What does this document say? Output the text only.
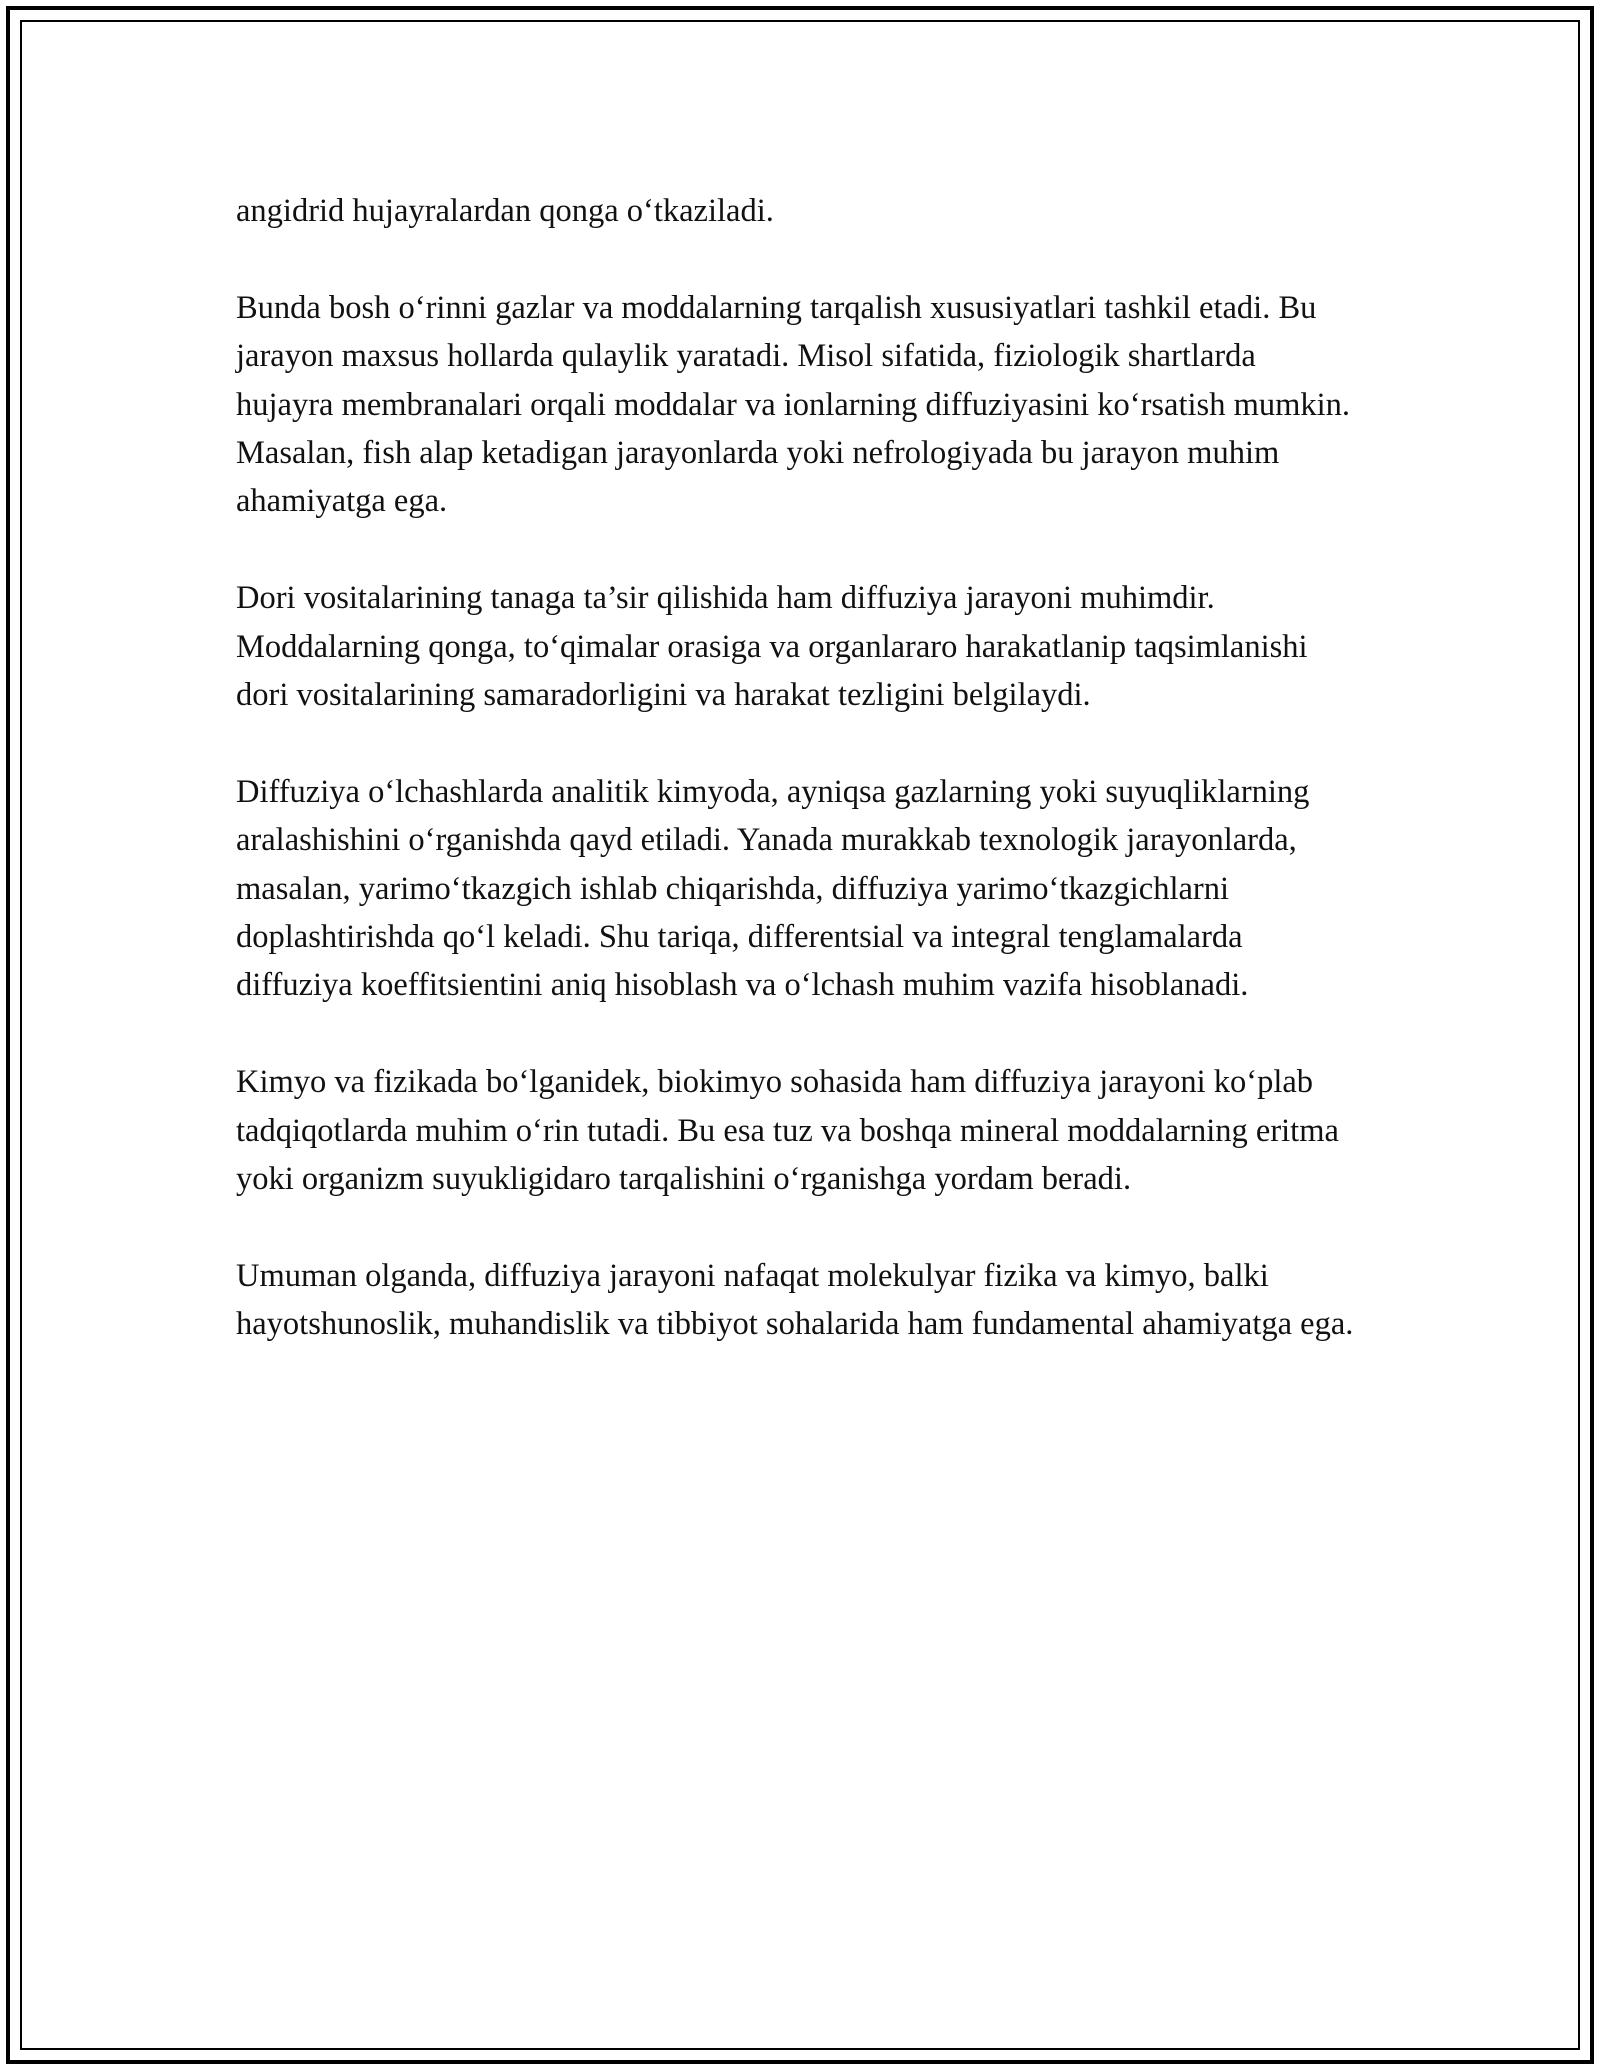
angidrid hujayralardan qonga o‘tkaziladi.

Bunda bosh o‘rinni gazlar va moddalarning tarqalish xususiyatlari tashkil etadi. Bu jarayon maxsus hollarda qulaylik yaratadi. Misol sifatida, fiziologik shartlarda hujayra membranalari orqali moddalar va ionlarning diffuziyasini ko‘rsatish mumkin. Masalan, fish alap ketadigan jarayonlarda yoki nefrologiyada bu jarayon muhim ahamiyatga ega.

Dori vositalarining tanaga ta’sir qilishida ham diffuziya jarayoni muhimdir. Moddalarning qonga, to‘qimalar orasiga va organlararo harakatlanip taqsimlanishi dori vositalarining samaradorligini va harakat tezligini belgilaydi.

Diffuziya o‘lchashlarda analitik kimyoda, ayniqsa gazlarning yoki suyuqliklarning aralashishini o‘rganishda qayd etiladi. Yanada murakkab texnologik jarayonlarda, masalan, yarimo‘tkazgich ishlab chiqarishda, diffuziya yarimo‘tkazgichlarni doplashtirishda qo‘l keladi. Shu tariqa, differentsial va integral tenglamalarda diffuziya koeffitsientini aniq hisoblash va o‘lchash muhim vazifa hisoblanadi.

Kimyo va fizikada bo‘lganidek, biokimyo sohasida ham diffuziya jarayoni ko‘plab tadqiqotlarda muhim o‘rin tutadi. Bu esa tuz va boshqa mineral moddalarning eritma yoki organizm suyukligidaro tarqalishini o‘rganishga yordam beradi.

Umuman olganda, diffuziya jarayoni nafaqat molekulyar fizika va kimyo, balki hayotshunoslik, muhandislik va tibbiyot sohalarida ham fundamental ahamiyatga ega.
